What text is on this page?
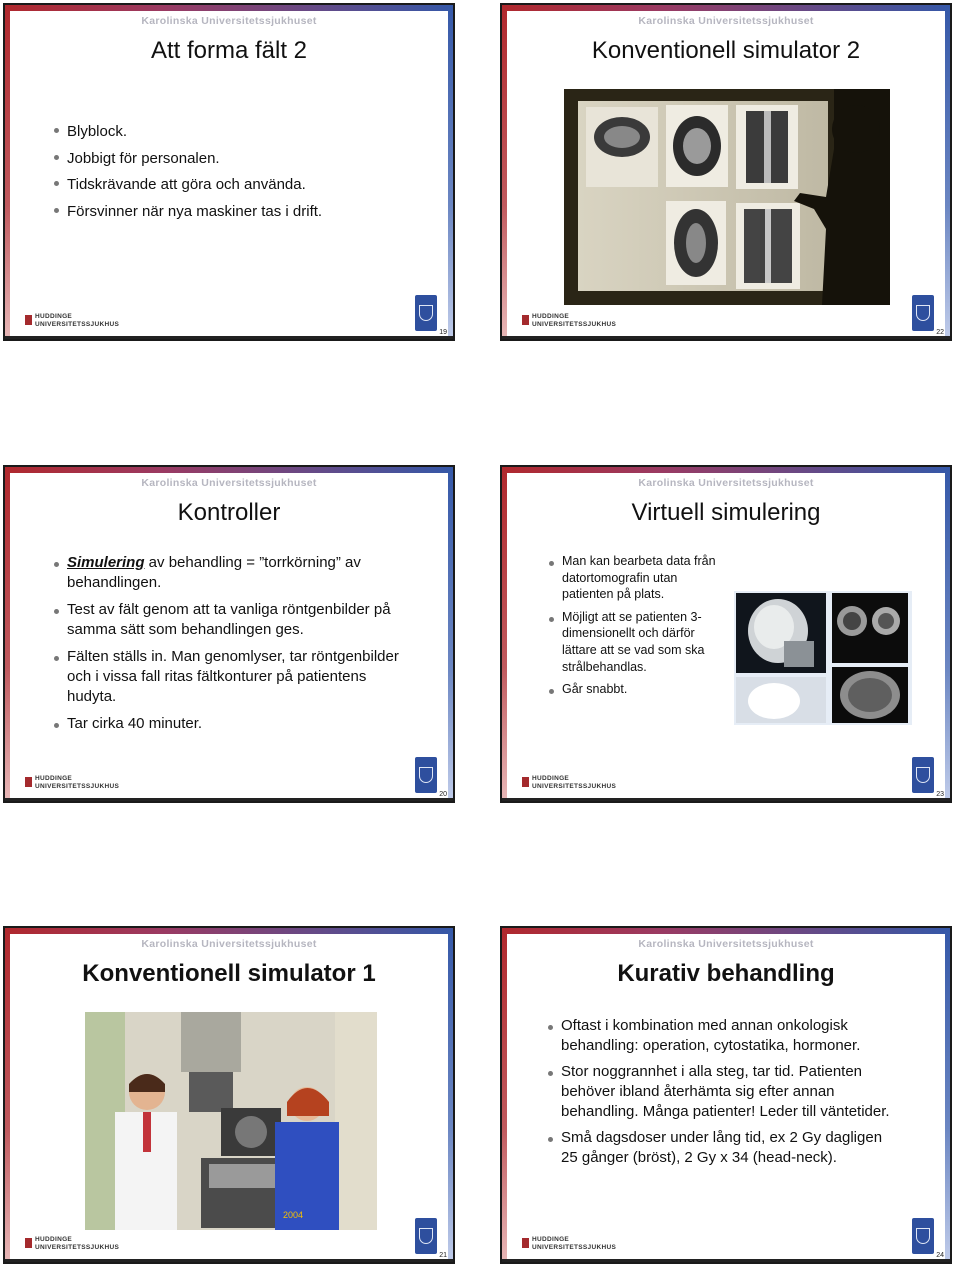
Karolinska Universitetssjukhuset
Att forma fält 2
Blyblock.
Jobbigt för personalen.
Tidskrävande att göra och använda.
Försvinner när nya maskiner tas i drift.
HUDDINGE
UNIVERSITETSSJUKHUS
19
Karolinska Universitetssjukhuset
Konventionell simulator 2
HUDDINGE
UNIVERSITETSSJUKHUS
22
Karolinska Universitetssjukhuset
Kontroller
Simulering av behandling = ”torrkörning” av behandlingen.
Test av fält genom att ta vanliga röntgenbilder på samma sätt som behandlingen ges.
Fälten ställs in. Man genomlyser, tar röntgenbilder och i vissa fall ritas fältkonturer på patientens hudyta.
Tar cirka 40 minuter.
HUDDINGE
UNIVERSITETSSJUKHUS
20
Karolinska Universitetssjukhuset
Virtuell simulering
Man kan bearbeta data från datortomografin utan patienten på plats.
Möjligt att se patienten 3-dimensionellt och därför lättare att se vad som ska strålbehandlas.
Går snabbt.
HUDDINGE
UNIVERSITETSSJUKHUS
23
Karolinska Universitetssjukhuset
Konventionell simulator 1
2004
HUDDINGE
UNIVERSITETSSJUKHUS
21
Karolinska Universitetssjukhuset
Kurativ behandling
Oftast i kombination med annan onkologisk behandling: operation, cytostatika, hormoner.
Stor noggrannhet i alla steg, tar tid. Patienten behöver ibland återhämta sig efter annan behandling. Många patienter! Leder till väntetider.
Små dagsdoser under lång tid, ex 2 Gy dagligen 25 gånger (bröst), 2 Gy x 34 (head-neck).
HUDDINGE
UNIVERSITETSSJUKHUS
24
